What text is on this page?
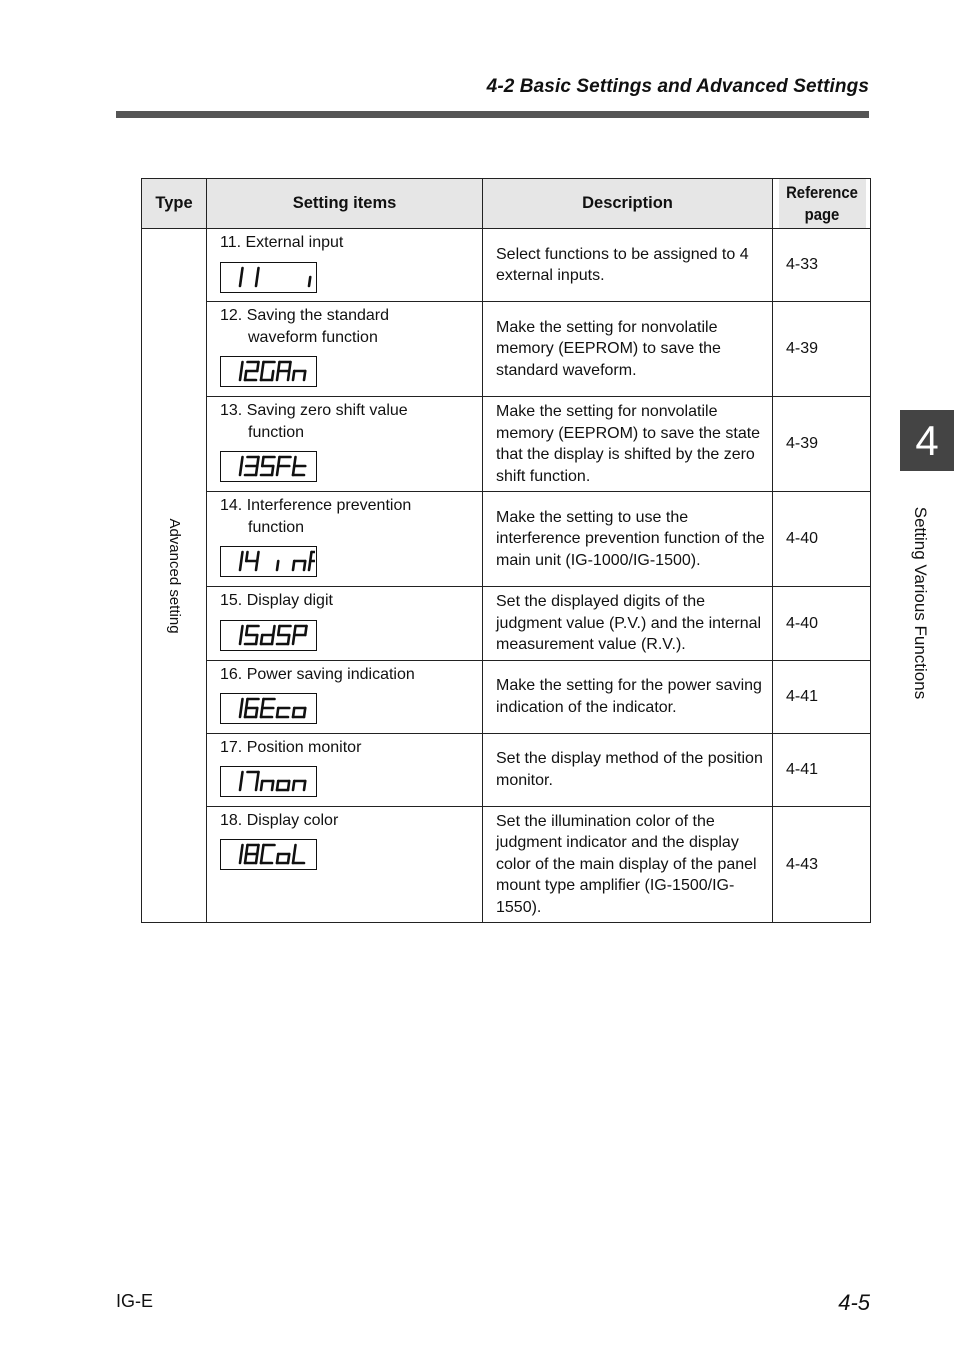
4-2 Basic Settings and Advanced Settings
Type	Setting items	Description	Reference
page

Advanced setting	11. External input	Select functions to be assigned to 4 external inputs.	4-33

	12. Saving the standard
waveform function	Make the setting for nonvolatile memory (EEPROM) to save the standard waveform.	4-39

	13. Saving zero shift value
function	Make the setting for nonvolatile memory (EEPROM) to save the state that the display is shifted by the zero shift function.	4-39

	14. Interference prevention
function	Make the setting to use the interference prevention function of the main unit (IG-1000/IG-1500).	4-40

	15. Display digit	Set the displayed digits of the judgment value (P.V.) and the internal measurement value (R.V.).	4-40

	16. Power saving indication	Make the setting for the power saving indication of the indicator.	4-41

	17. Position monitor	Set the display method of the position monitor.	4-41

	18. Display color	Set the illumination color of the judgment indicator and the display color of the main display of the panel mount type amplifier (IG-1500/IG-1550).	4-43
4
Setting Various Functions
IG-E	4-5
